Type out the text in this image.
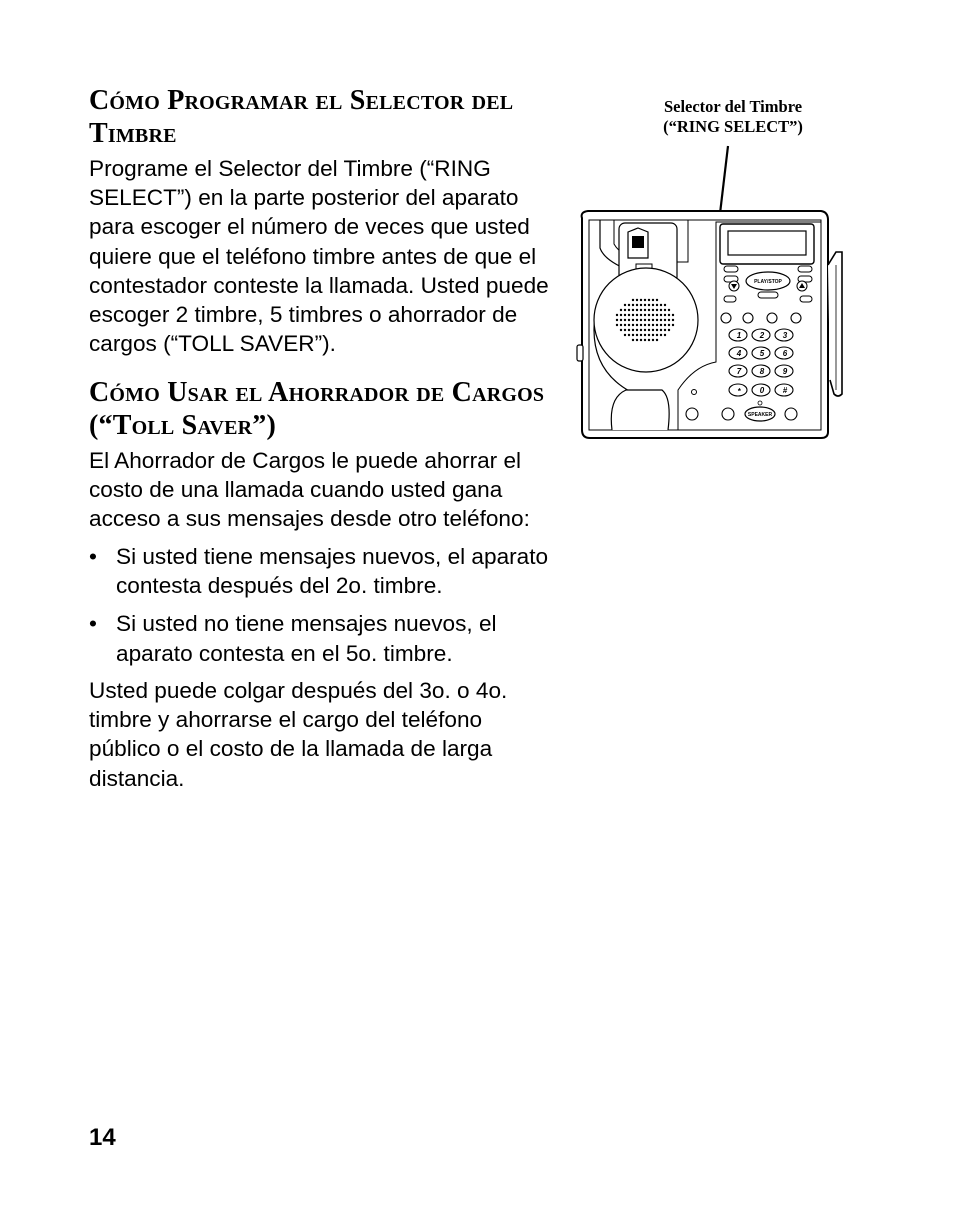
Cómo Programar el Selector del Timbre

Programe el Selector del Timbre (“RING SELECT”) en la parte posterior del aparato para escoger el número de veces que usted quiere que el teléfono timbre antes de que el contestador conteste la llamada. Usted puede escoger 2 timbre, 5 timbres o ahorrador de cargos (“TOLL SAVER”).

Cómo Usar el Ahorrador de Cargos (“Toll Saver”)

El Ahorrador de Cargos le puede ahorrar el costo de una llamada cuando usted gana acceso a sus mensajes desde otro teléfono:

• Si usted tiene mensajes nuevos, el aparato contesta después del 2o. timbre.
• Si usted no tiene mensajes nuevos, el aparato contesta en el 5o. timbre.

Usted puede colgar después del 3o. o 4o. timbre y ahorrarse el cargo del teléfono público o el costo de la llamada de larga distancia.

Selector del Timbre
(“RING SELECT”)
PLAY/STOP
1 2 3
4 5 6
7 8 9
* 0 #
SPEAKER

14
